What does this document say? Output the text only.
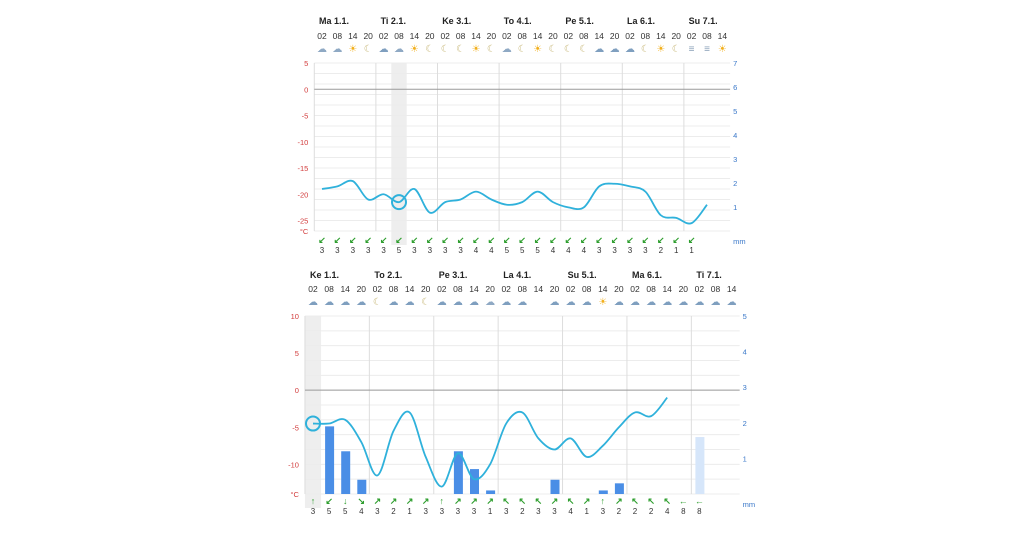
Ma 1.1.	Ti 2.1.	Ke 3.1.	To 4.1.	Pe 5.1.	La 6.1.	Su 7.1.
02 08 14 20 02 08 14 20 02 08 14 20 02 08 14 20 02 08 14 20 02 08 14 20 02 08 14
☁ ☁ ☀ ☾ ☁ ☁ ☀ ☾ ☾ ☾ ☀ ☾ ☁ ☾ ☀ ☾ ☾ ☾ ☁ ☁ ☁ ☾ ☀ ☾ ≡ ≡ ☀
5
0
-5
-10
-15
-20
-25
°C
7
6
5
4
3
2
1
mm
↙
3
↙
3
↙
3
↙
3
↙
3
↙
5
↙
3
↙
3
↙
3
↙
3
↙
4
↙
4
↙
5
↙
5
↙
5
↙
4
↙
4
↙
4
↙
3
↙
3
↙
3
↙
3
↙
2
↙
1
↙
1
Ke 1.1.	To 2.1.	Pe 3.1.	La 4.1.	Su 5.1.	Ma 6.1.	Ti 7.1.
02 08 14 20 02 08 14 20 02 08 14 20 02 08 14 20 02 08 14 20 02 08 14 20 02 08 14
☁ ☁ ☁ ☁ ☾ ☁ ☁ ☾ ☁ ☁ ☁ ☁ ☁ ☁ ☁ ☁ ☁ ☀ ☁ ☁ ☁ ☁ ☁ ☁ ☁ ☁
10
5
0
-5
-10
°C
5
4
3
2
1
mm
↑
3
↙
5
↓
5
↘
4
↗
3
↗
2
↗
1
↗
3
↑
3
↗
3
↗
3
↗
1
↖
3
↖
2
↖
3
↗
3
↖
4
↗
1
↑
3
↗
2
↖
2
↖
2
↖
4
←
8
←
8
